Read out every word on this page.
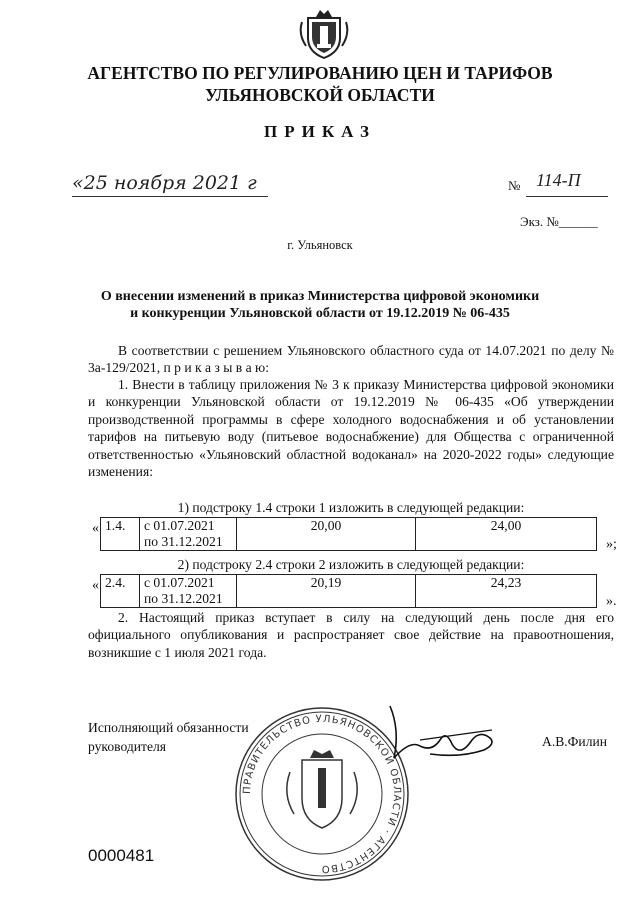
АГЕНТСТВО ПО РЕГУЛИРОВАНИЮ ЦЕН И ТАРИФОВ
УЛЬЯНОВСКОЙ ОБЛАСТИ
ПРИКАЗ
«25 ноября 2021 г	№ 114-П
Экз. №______
г. Ульяновск
О внесении изменений в приказ Министерства цифровой экономики
и конкуренции Ульяновской области от 19.12.2019 № 06-435
В соответствии с решением Ульяновского областного суда от 14.07.2021 по делу № 3а-129/2021, п р и к а з ы в а ю:
1. Внести в таблицу приложения № 3 к приказу Министерства цифровой экономики и конкуренции Ульяновской области от 19.12.2019 № 06-435 «Об утверждении производственной программы в сфере холодного водоснабжения и об установлении тарифов на питьевую воду (питьевое водоснабжение) для Общества с ограниченной ответственностью «Ульяновский областной водоканал» на 2020-2022 годы» следующие изменения:
1) подстроку 1.4 строки 1 изложить в следующей редакции:
« 1.4.	с 01.07.2021
по 31.12.2021
	20,00	24,00
»;
2) подстроку 2.4 строки 2 изложить в следующей редакции:
« 2.4.	с 01.07.2021
по 31.12.2021
	20,19	24,23
».
2. Настоящий приказ вступает в силу на следующий день после дня его официального опубликования и распространяет свое действие на правоотношения, возникшие с 1 июля 2021 года.
Исполняющий обязанности
руководителя
ПРАВИТЕЛЬСТВО УЛЬЯНОВСКОЙ ОБЛАСТИ · АГЕНТСТВО
А.В.Филин
0000481
